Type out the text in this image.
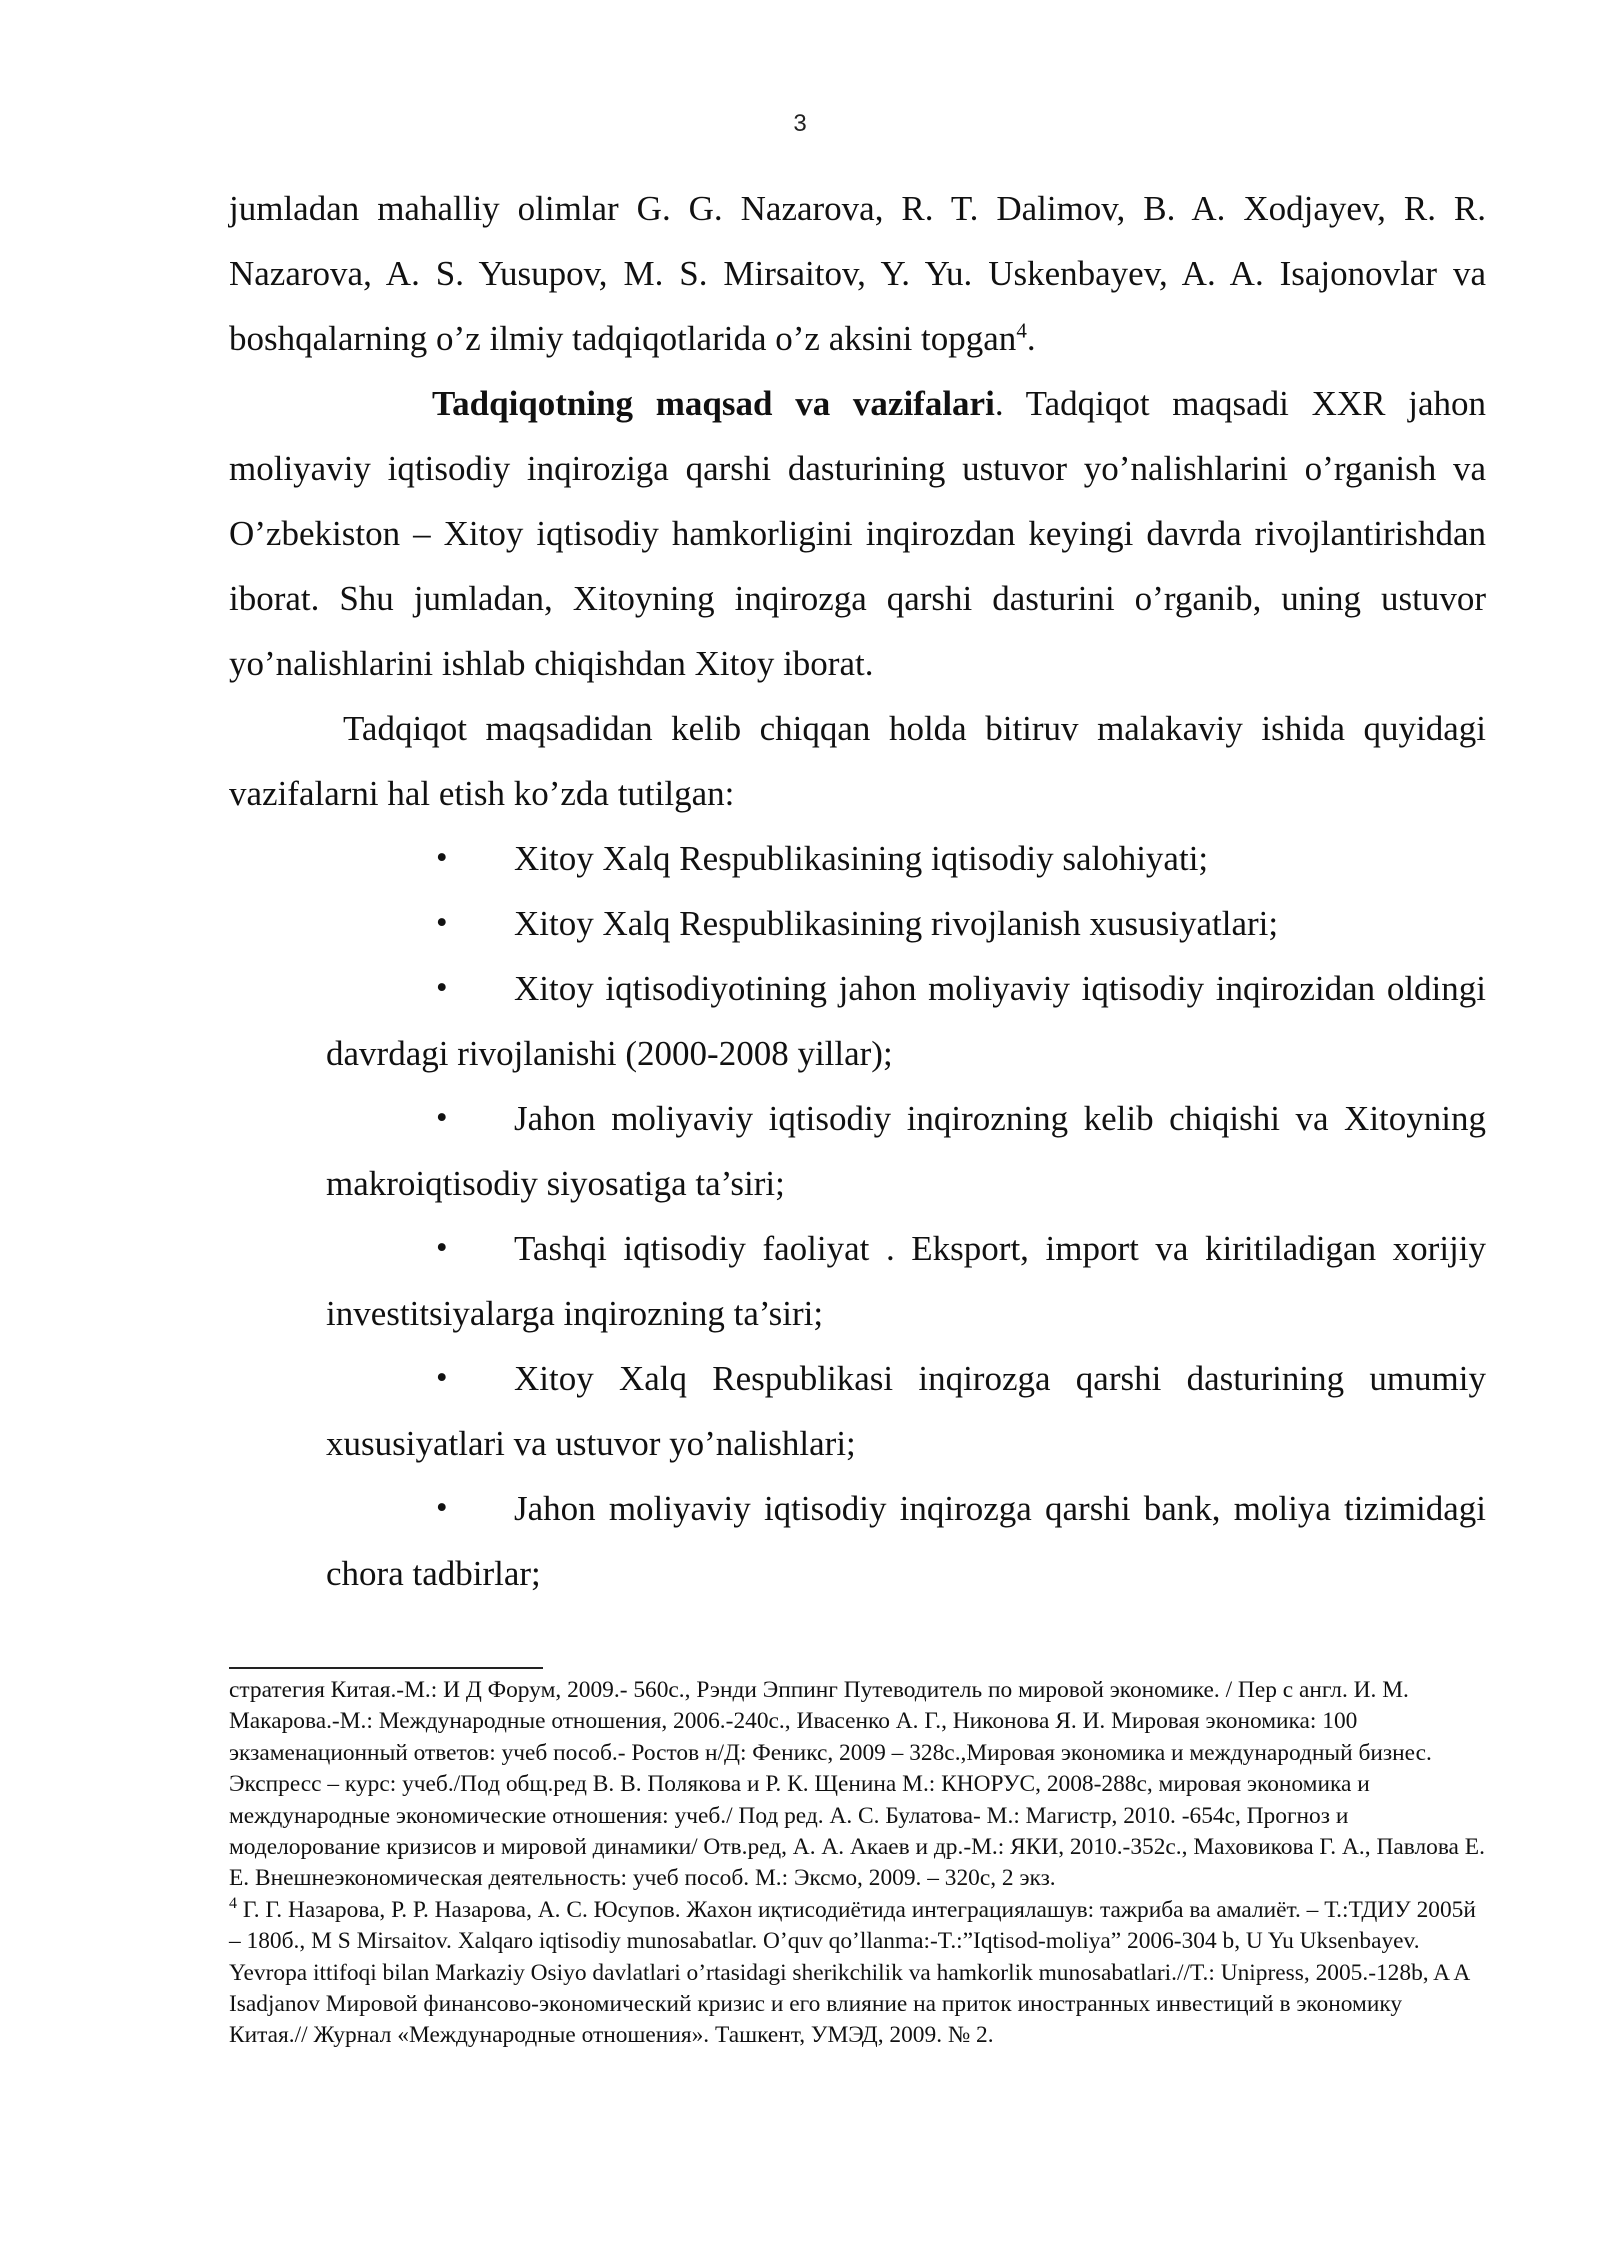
3

jumladan mahalliy olimlar G. G. Nazarova, R. T. Dalimov, B. A. Xodjayev, R. R. Nazarova, A. S. Yusupov, M. S. Mirsaitov, Y. Yu. Uskenbayev, A. A. Isajonovlar va boshqalarning o’z ilmiy tadqiqotlarida o’z aksini topgan$^4$.

Tadqiqotning maqsad va vazifalari. Tadqiqot maqsadi XXR jahon moliyaviy iqtisodiy inqiroziga qarshi dasturining ustuvor yo’nalishlarini o’rganish va O’zbekiston – Xitoy iqtisodiy hamkorligini inqirozdan keyingi davrda rivojlantirishdan iborat. Shu jumladan, Xitoyning inqirozga qarshi dasturini o’rganib, uning ustuvor yo’nalishlarini ishlab chiqishdan Xitoy iborat.

Tadqiqot maqsadidan kelib chiqqan holda bitiruv malakaviy ishida quyidagi vazifalarni hal etish ko’zda tutilgan:

• Xitoy Xalq Respublikasining iqtisodiy salohiyati;
• Xitoy Xalq Respublikasining rivojlanish xususiyatlari;
• Xitoy iqtisodiyotining jahon moliyaviy iqtisodiy inqirozidan oldingi davrdagi rivojlanishi (2000-2008 yillar);
• Jahon moliyaviy iqtisodiy inqirozning kelib chiqishi va Xitoyning makroiqtisodiy siyosatiga ta’siri;
• Tashqi iqtisodiy faoliyat . Eksport, import va kiritiladigan xorijiy investitsiyalarga inqirozning ta’siri;
• Xitoy Xalq Respublikasi inqirozga qarshi dasturining umumiy xususiyatlari va ustuvor yo’nalishlari;
• Jahon moliyaviy iqtisodiy inqirozga qarshi bank, moliya tizimidagi chora tadbirlar;

стратегия Китая.-М.: И Д Форум, 2009.- 560с., Рэнди Эппинг Путеводитель по мировой экономике. / Пер с англ. И. М. Макарова.-М.: Международные отношения, 2006.-240с., Ивасенко А. Г., Никонова Я. И. Мировая экономика: 100 экзаменационный ответов: учеб пособ.- Ростов н/Д: Феникс, 2009 – 328с.,Мировая экономика и международный бизнес. Экспресс – курс: учеб./Под общ.ред В. В. Полякова и Р. К. Щенина М.: КНОРУС, 2008-288с, мировая экономика и международные экономические отношения: учеб./ Под ред. А. С. Булатова- М.: Магистр, 2010. -654с, Прогноз и моделорование кризисов и мировой динамики/ Отв.ред, А. А. Акаев и др.-М.: ЯКИ, 2010.-352с., Маховикова Г. А., Павлова Е. Е. Внешнеэкономическая деятельность: учеб пособ. М.: Эксмо, 2009. – 320с, 2 экз.

$^4$ Г. Г. Назарова, Р. Р. Назарова, А. С. Юсупов. Жахон иқтисодиётида интеграциялашув: тажриба ва амалиёт. – Т.:ТДИУ 2005й – 180б., M S Mirsaitov. Xalqaro iqtisodiy munosabatlar. O’quv qo’llanma:-T.:”Iqtisod-moliya” 2006-304 b, U Yu Uksenbayev. Yevropa ittifoqi bilan Markaziy Osiyo davlatlari o’rtasidagi sherikchilik va hamkorlik munosabatlari.//T.: Unipress, 2005.-128b, A A Isadjanov Мировой финансово-экономический кризис и его влияние на приток иностранных инвестиций в экономику Китая.// Журнал «Международные отношения». Ташкент, УМЭД, 2009. № 2.
